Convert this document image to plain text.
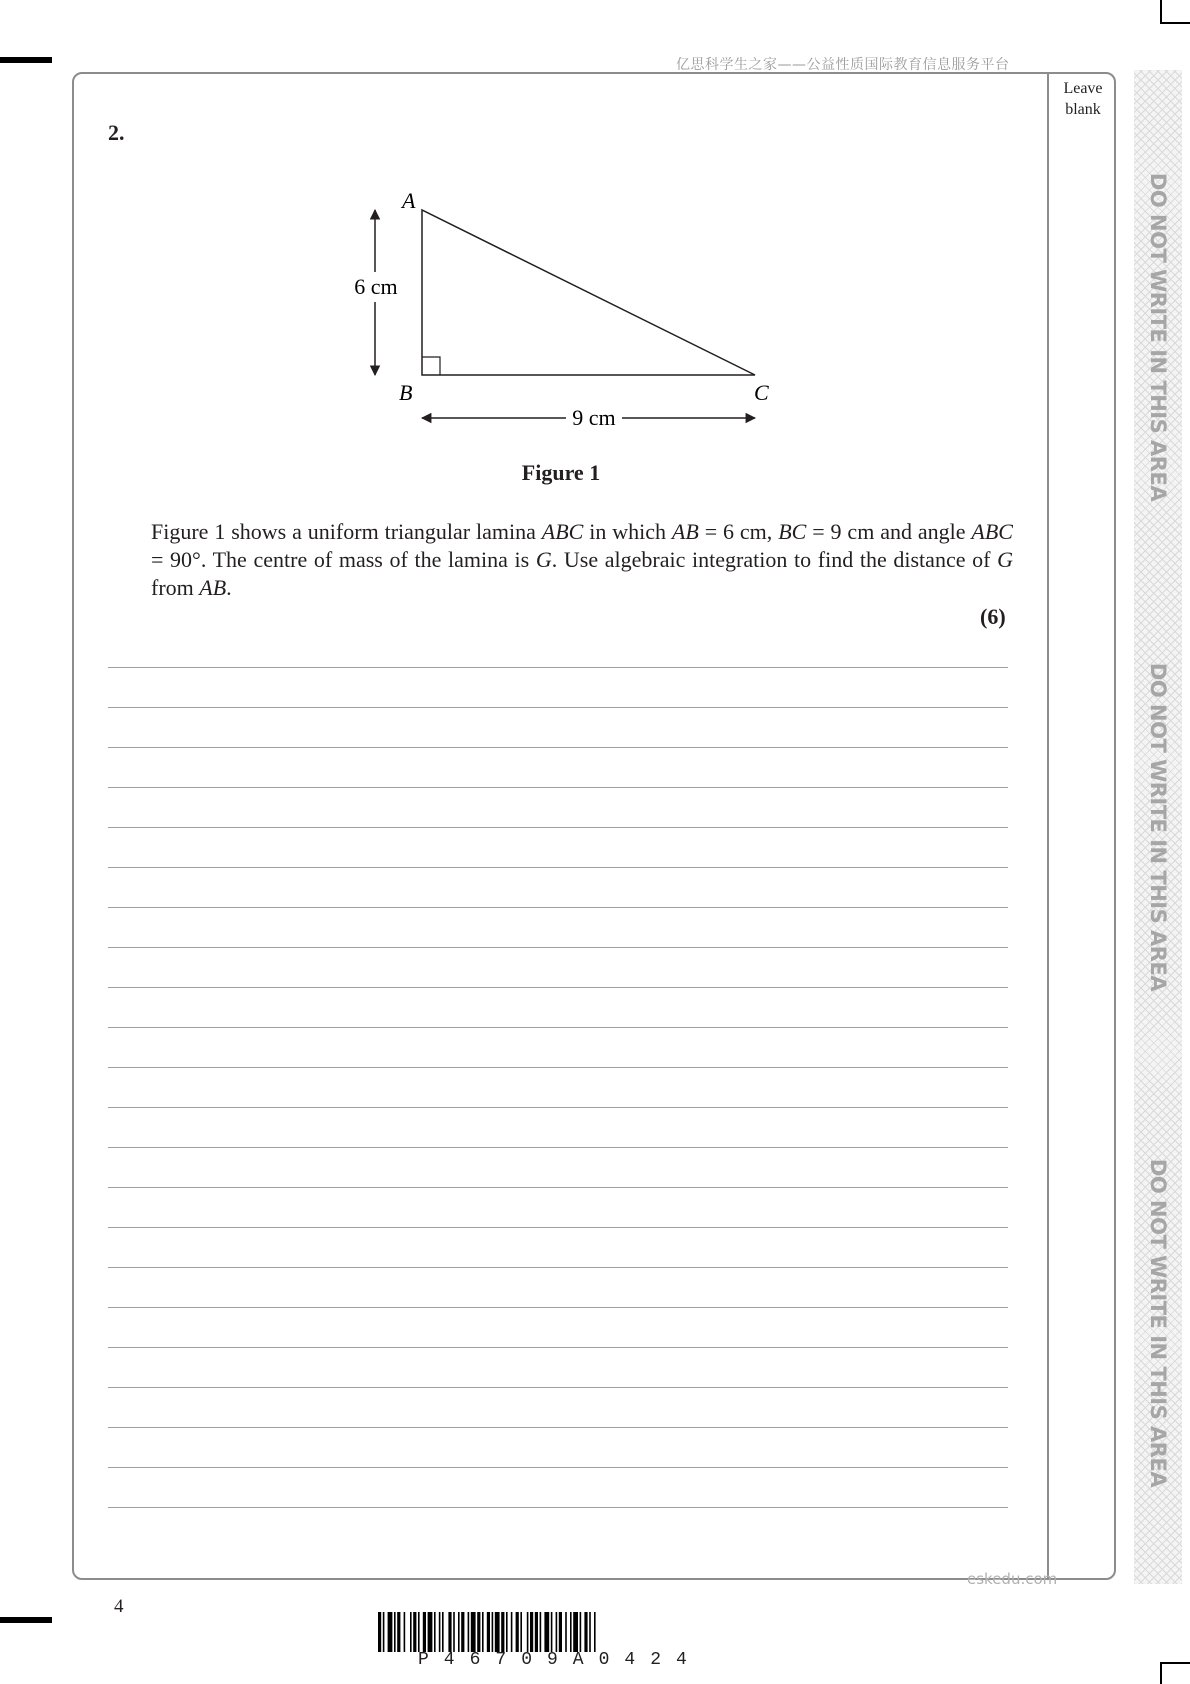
亿思科学生之家——公益性质国际教育信息服务平台
Leave
blank
DO NOT WRITE IN THIS AREA
DO NOT WRITE IN THIS AREA
DO NOT WRITE IN THIS AREA
2.
6 cm
9 cm
A
B	C
Figure 1
Figure 1 shows a uniform triangular lamina ABC in which AB = 6 cm, BC = 9 cm and angle ABC = 90°. The centre of mass of the lamina is G. Use algebraic integration to find the distance of G from AB.
(6)
4
eskedu.com
P46709A0424
